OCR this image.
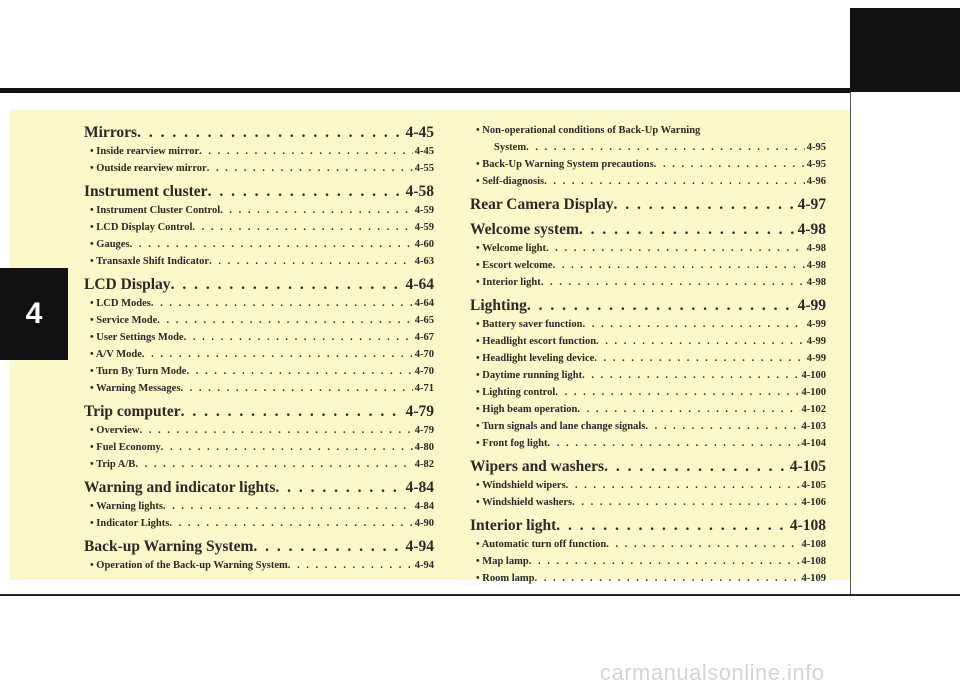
4
Mirrors . . .	4-45
• Inside rearview mirror . . .	4-45
• Outside rearview mirror . . .	4-55
Instrument cluster . . .	4-58
• Instrument Cluster Control . . .	4-59
• LCD Display Control . . .	4-59
• Gauges . . .	4-60
• Transaxle Shift Indicator . . .	4-63
LCD Display . . .	4-64
• LCD Modes . . .	4-64
• Service Mode . . .	4-65
• User Settings Mode . . .	4-67
• A/V Mode . . .	4-70
• Turn By Turn Mode . . .	4-70
• Warning Messages . . .	4-71
Trip computer . . .	4-79
• Overview . . .	4-79
• Fuel Economy . . .	4-80
• Trip A/B . . .	4-82
Warning and indicator lights . . .	4-84
• Warning lights . . .	4-84
• Indicator Lights . . .	4-90
Back-up Warning System . . .	4-94
• Operation of the Back-up Warning System . . .	4-94
• Non-operational conditions of Back-Up Warning
System . . .	4-95
• Back-Up Warning System precautions . . .	4-95
• Self-diagnosis . . .	4-96
Rear Camera Display . . .	4-97
Welcome system . . .	4-98
• Welcome light . . .	4-98
• Escort welcome . . .	4-98
• Interior light . . .	4-98
Lighting . . .	4-99
• Battery saver function . . .	4-99
• Headlight escort function . . .	4-99
• Headlight leveling device . . .	4-99
• Daytime running light . . .	4-100
• Lighting control . . .	4-100
• High beam operation . . .	4-102
• Turn signals and lane change signals . . .	4-103
• Front fog light . . .	4-104
Wipers and washers . . .	4-105
• Windshield wipers . . .	4-105
• Windshield washers . . .	4-106
Interior light . . .	4-108
• Automatic turn off function . . .	4-108
• Map lamp . . .	4-108
• Room lamp . . .	4-109
carmanualsonline.info
